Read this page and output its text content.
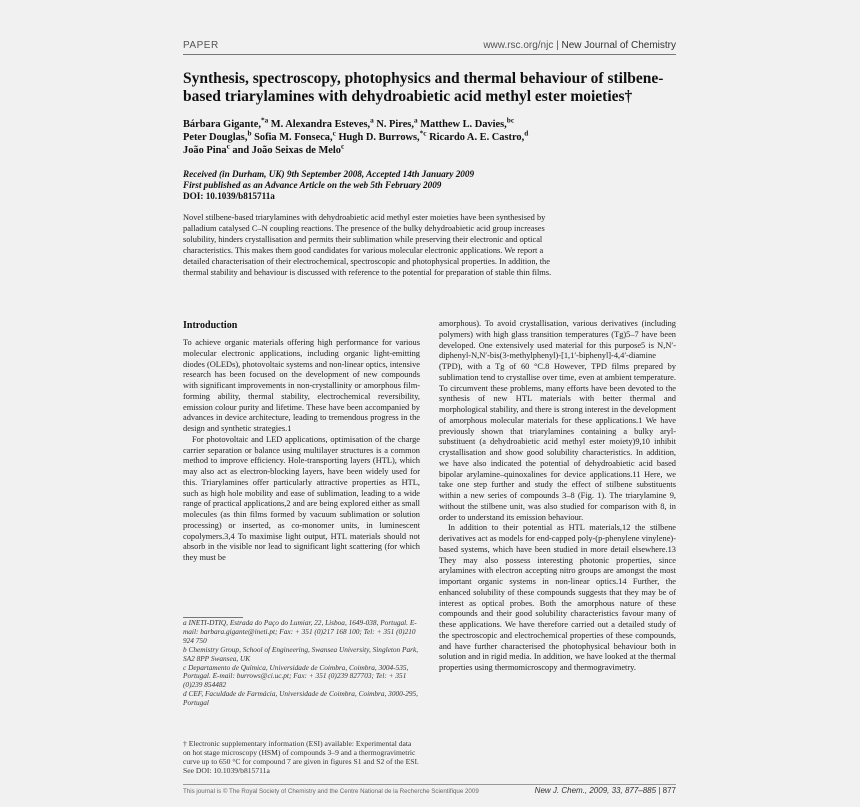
PAPER	www.rsc.org/njc | New Journal of Chemistry
Synthesis, spectroscopy, photophysics and thermal behaviour of stilbene-based triarylamines with dehydroabietic acid methyl ester moieties†
Bárbara Gigante,$^{*a}$ M. Alexandra Esteves,$^a$ N. Pires,$^a$ Matthew L. Davies,$^{bc}$
Peter Douglas,$^b$ Sofia M. Fonseca,$^c$ Hugh D. Burrows,$^{*c}$ Ricardo A. E. Castro,$^d$
João Pina$^c$ and João Seixas de Melo$^c$
Received (in Durham, UK) 9th September 2008, Accepted 14th January 2009
First published as an Advance Article on the web 5th February 2009
DOI: 10.1039/b815711a
Novel stilbene-based triarylamines with dehydroabietic acid methyl ester moieties have been synthesised by palladium catalysed C–N coupling reactions. The presence of the bulky dehydroabietic acid group increases solubility, hinders crystallisation and permits their sublimation while preserving their electronic and optical characteristics. This makes them good candidates for various molecular electronic applications. We report a detailed characterisation of their electrochemical, spectroscopic and photophysical properties. In addition, the thermal stability and behaviour is discussed with reference to the potential for preparation of stable thin films.
Introduction

To achieve organic materials offering high performance for various molecular electronic applications, including organic light-emitting diodes (OLEDs), photovoltaic systems and non-linear optics, intensive research has been focused on the development of new compounds with significant improvements in non-crystallinity or amorphous film-forming ability, thermal stability, electrochemical reversibility, emission colour purity and lifetime. These have been accompanied by advances in device architecture, leading to tremendous progress in the design and synthetic strategies.1

For photovoltaic and LED applications, optimisation of the charge carrier separation or balance using multilayer structures is a common method to improve efficiency. Hole-transporting layers (HTL), which may also act as electron-blocking layers, have been widely used for this. Triarylamines offer particularly attractive properties as HTL, such as high hole mobility and ease of sublimation, leading to a wide range of practical applications,2 and are being explored either as small molecules (as thin films formed by vacuum sublimation or solution processing) or inserted, as co-monomer units, in luminescent copolymers.3,4 To maximise light output, HTL materials should not absorb in the visible nor lead to significant light scattering (for which they must be

amorphous). To avoid crystallisation, various derivatives (including polymers) with high glass transition temperatures (Tg)5–7 have been developed. One extensively used material for this purpose5 is N,N′-diphenyl-N,N′-bis(3-methylphenyl)-[1,1′-biphenyl]-4,4′-diamine (TPD), with a Tg of 60 °C.8 However, TPD films prepared by sublimation tend to crystallise over time, even at ambient temperature. To circumvent these problems, many efforts have been devoted to the synthesis of new HTL materials with better thermal and morphological stability, and there is strong interest in the development of amorphous molecular materials for these applications.1 We have previously shown that triarylamines containing a bulky aryl-substituent (a dehydroabietic acid methyl ester moiety)9,10 inhibit crystallisation and show good solubility characteristics. In addition, we have also indicated the potential of dehydroabietic acid based bipolar arylamine–quinoxalines for device applications.11 Here, we take one step further and study the effect of stilbene substituents within a new series of compounds 3–8 (Fig. 1). The triarylamine 9, without the stilbene unit, was also studied for comparison with 8, in order to understand its emission behaviour.

In addition to their potential as HTL materials,12 the stilbene derivatives act as models for end-capped poly-(p-phenylene vinylene)-based systems, which have been studied in more detail elsewhere.13 They may also possess interesting photonic properties, since arylamines with electron accepting nitro groups are amongst the most important organic systems in non-linear optics.14 Further, the enhanced solubility of these compounds suggests that they may be of interest as optical probes. Both the amorphous nature of these compounds and their good solubility characteristics favour many of these applications. We have therefore carried out a detailed study of the spectroscopic and electrochemical properties of these compounds, and have further characterised the photophysical behaviour both in solution and in rigid media. In addition, we have looked at the thermal properties using thermomicroscopy and thermogravimetry.

a INETI-DTIQ, Estrada do Paço do Lumiar, 22, Lisboa, 1649-038, Portugal. E-mail: barbara.gigante@ineti.pt; Fax: + 351 (0)217 168 100; Tel: + 351 (0)210 924 750
b Chemistry Group, School of Engineering, Swansea University, Singleton Park, SA2 8PP Swansea, UK
c Departamento de Química, Universidade de Coimbra, Coimbra, 3004-535, Portugal. E-mail: burrows@ci.uc.pt; Fax: + 351 (0)239 827703; Tel: + 351 (0)239 854482
d CEF, Faculdade de Farmácia, Universidade de Coimbra, Coimbra, 3000-295, Portugal
† Electronic supplementary information (ESI) available: Experimental data on hot stage microscopy (HSM) of compounds 3–9 and a thermogravimetric curve up to 650 °C for compound 7 are given in figures S1 and S2 of the ESI. See DOI: 10.1039/b815711a
This journal is © The Royal Society of Chemistry and the Centre National de la Recherche Scientifique 2009	New J. Chem., 2009, 33, 877–885 | 877
